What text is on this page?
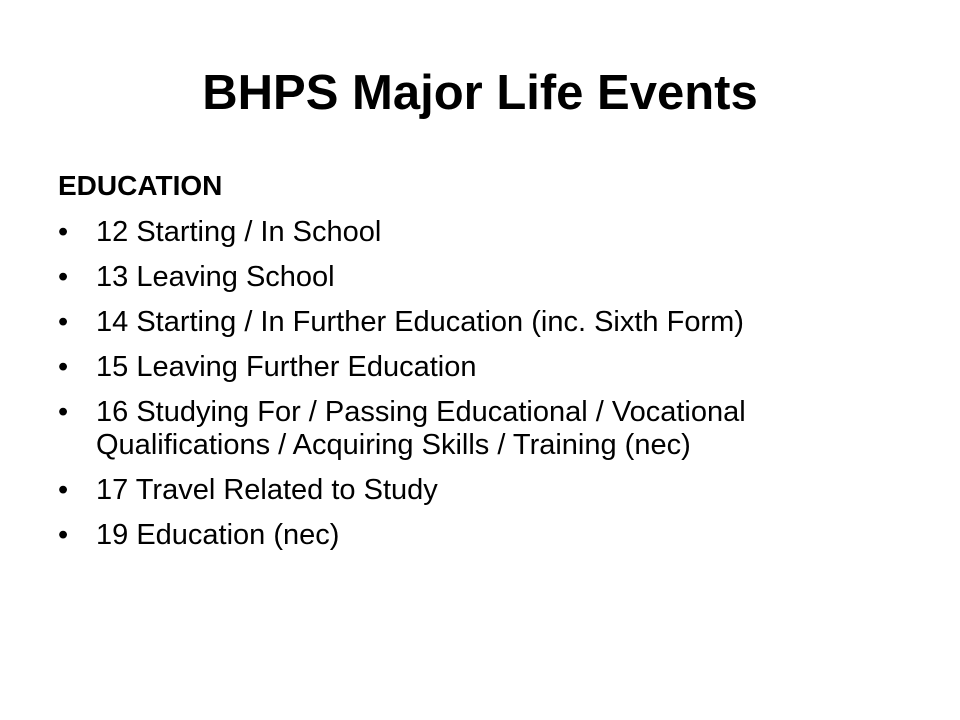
BHPS Major Life Events
EDUCATION
• 12 Starting / In School
• 13 Leaving School
• 14 Starting / In Further Education (inc. Sixth Form)
• 15 Leaving Further Education
• 16 Studying For / Passing Educational / Vocational Qualifications / Acquiring Skills / Training (nec)
• 17 Travel Related to Study
• 19 Education (nec)
